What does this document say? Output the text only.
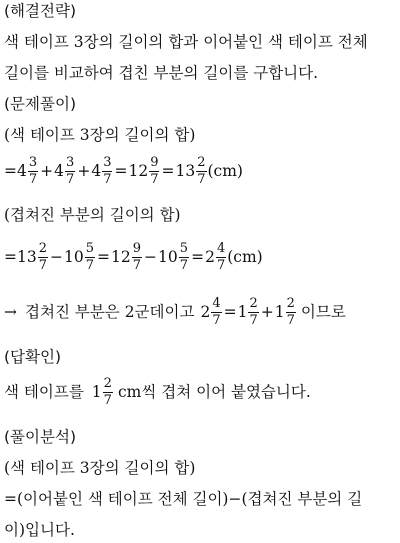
(해결전략)
색 테이프 3장의 길이의 합과 이어붙인 색 테이프 전체
길이를 비교하여 겹친 부분의 길이를 구합니다.
(문제풀이)
(색 테이프 3장의 길이의 합)
= $4 \frac{3}{7} + 4 \frac{3}{7} + 4 \frac{3}{7} = 12 \frac{9}{7} = 13 \frac{2}{7} (cm)$
(겹쳐진 부분의 길이의 합)
= $13 \frac{2}{7} - 10 \frac{5}{7} = 12 \frac{9}{7} - 10 \frac{5}{7} = 2 \frac{4}{7} (cm)$
→ 겹쳐진 부분은 2군데이고 $2 \frac{4}{7} = 1 \frac{2}{7} + 1 \frac{2}{7}$ 이므로
(답확인)
색 테이프를 $1 \frac{2}{7}$ cm씩 겹쳐 이어 붙였습니다.
(풀이분석)
(색 테이프 3장의 길이의 합)
=(이어붙인 색 테이프 전체 길이)−(겹쳐진 부분의 길
이)입니다.
